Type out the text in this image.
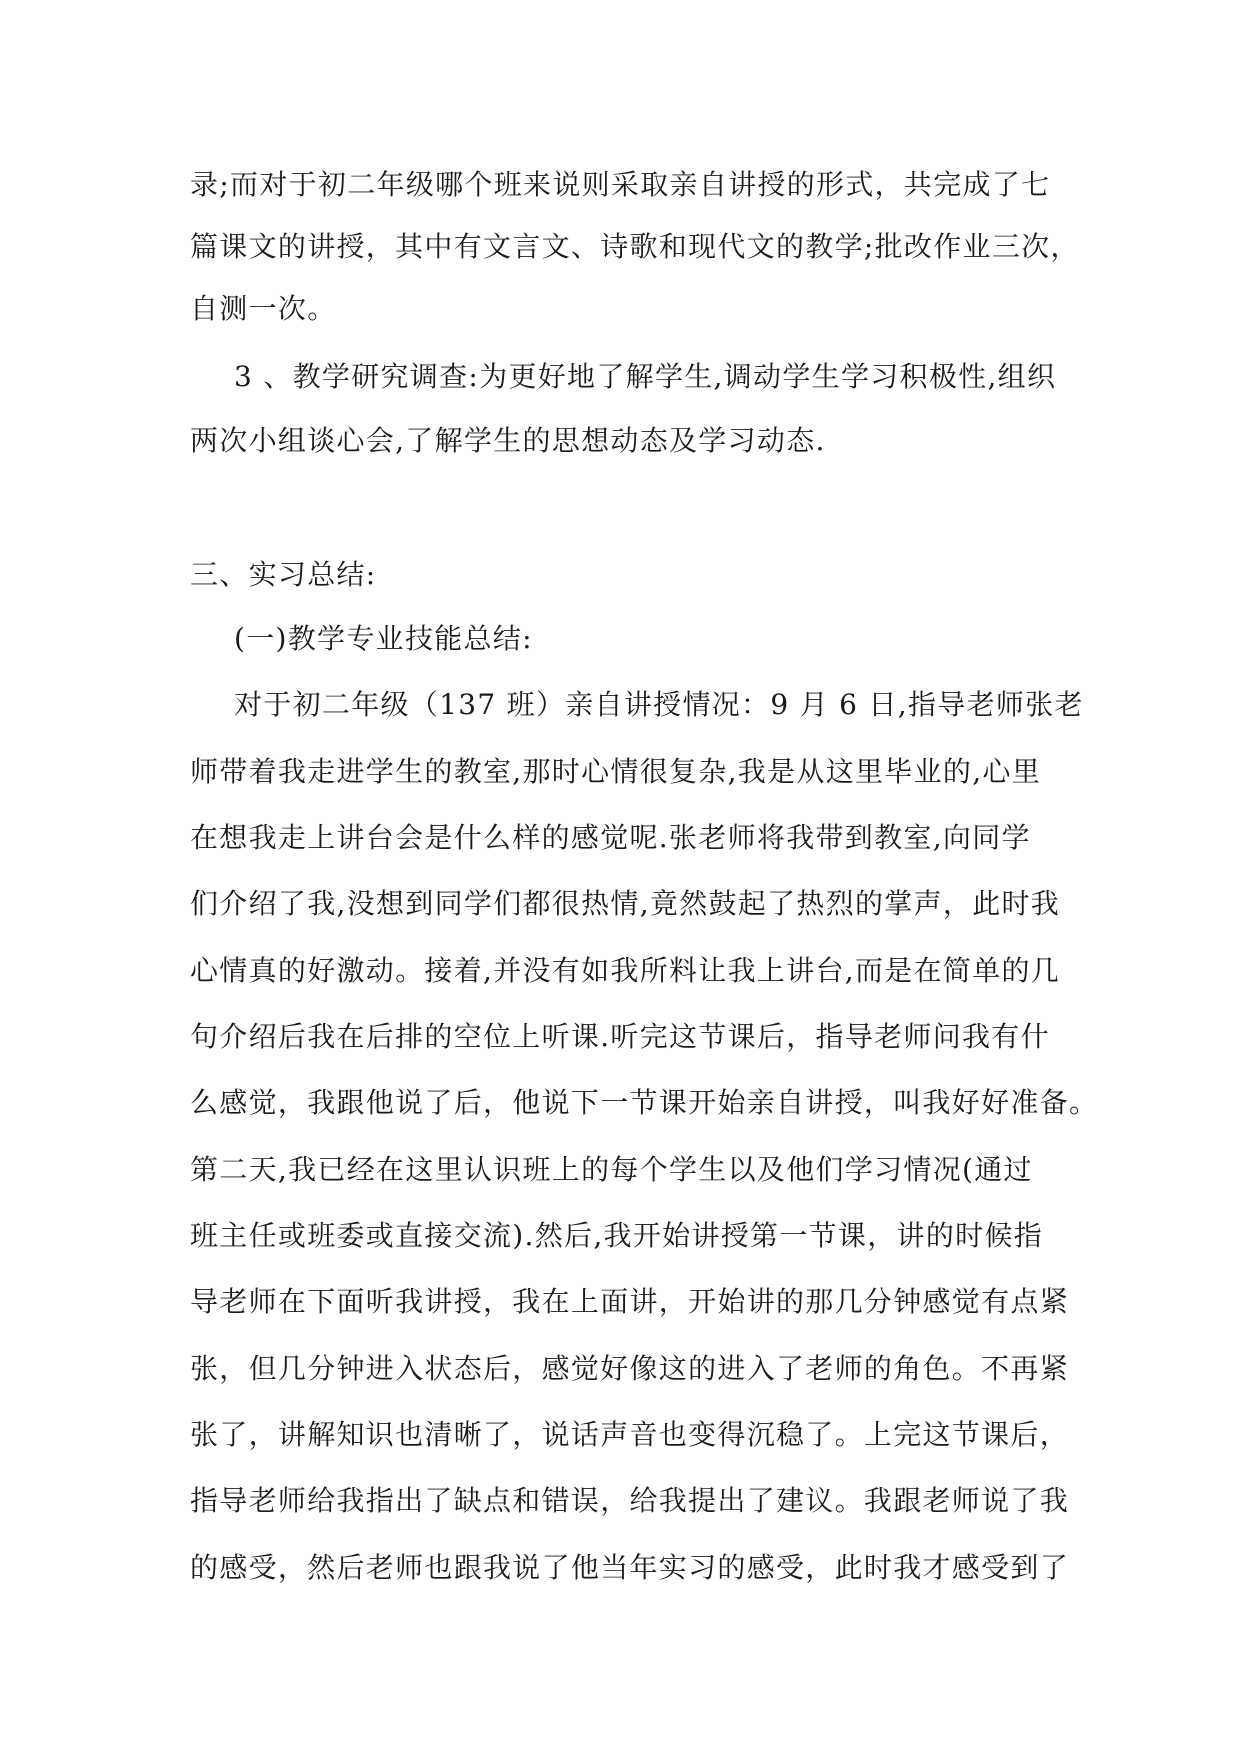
录;而对于初二年级哪个班来说则采取亲自讲授的形式，共完成了七
篇课文的讲授，其中有文言文、诗歌和现代文的教学;批改作业三次，
自测一次。
3 、教学研究调查:为更好地了解学生,调动学生学习积极性,组织
两次小组谈心会,了解学生的思想动态及学习动态.
三、实习总结:
(一)教学专业技能总结:
对于初二年级（137 班）亲自讲授情况：9 月 6 日,指导老师张老
师带着我走进学生的教室,那时心情很复杂,我是从这里毕业的,心里
在想我走上讲台会是什么样的感觉呢.张老师将我带到教室,向同学
们介绍了我,没想到同学们都很热情,竟然鼓起了热烈的掌声，此时我
心情真的好激动。接着,并没有如我所料让我上讲台,而是在简单的几
句介绍后我在后排的空位上听课.听完这节课后，指导老师问我有什
么感觉，我跟他说了后，他说下一节课开始亲自讲授，叫我好好准备。
第二天,我已经在这里认识班上的每个学生以及他们学习情况(通过
班主任或班委或直接交流).然后,我开始讲授第一节课，讲的时候指
导老师在下面听我讲授，我在上面讲，开始讲的那几分钟感觉有点紧
张，但几分钟进入状态后，感觉好像这的进入了老师的角色。不再紧
张了，讲解知识也清晰了，说话声音也变得沉稳了。上完这节课后，
指导老师给我指出了缺点和错误，给我提出了建议。我跟老师说了我
的感受，然后老师也跟我说了他当年实习的感受，此时我才感受到了
